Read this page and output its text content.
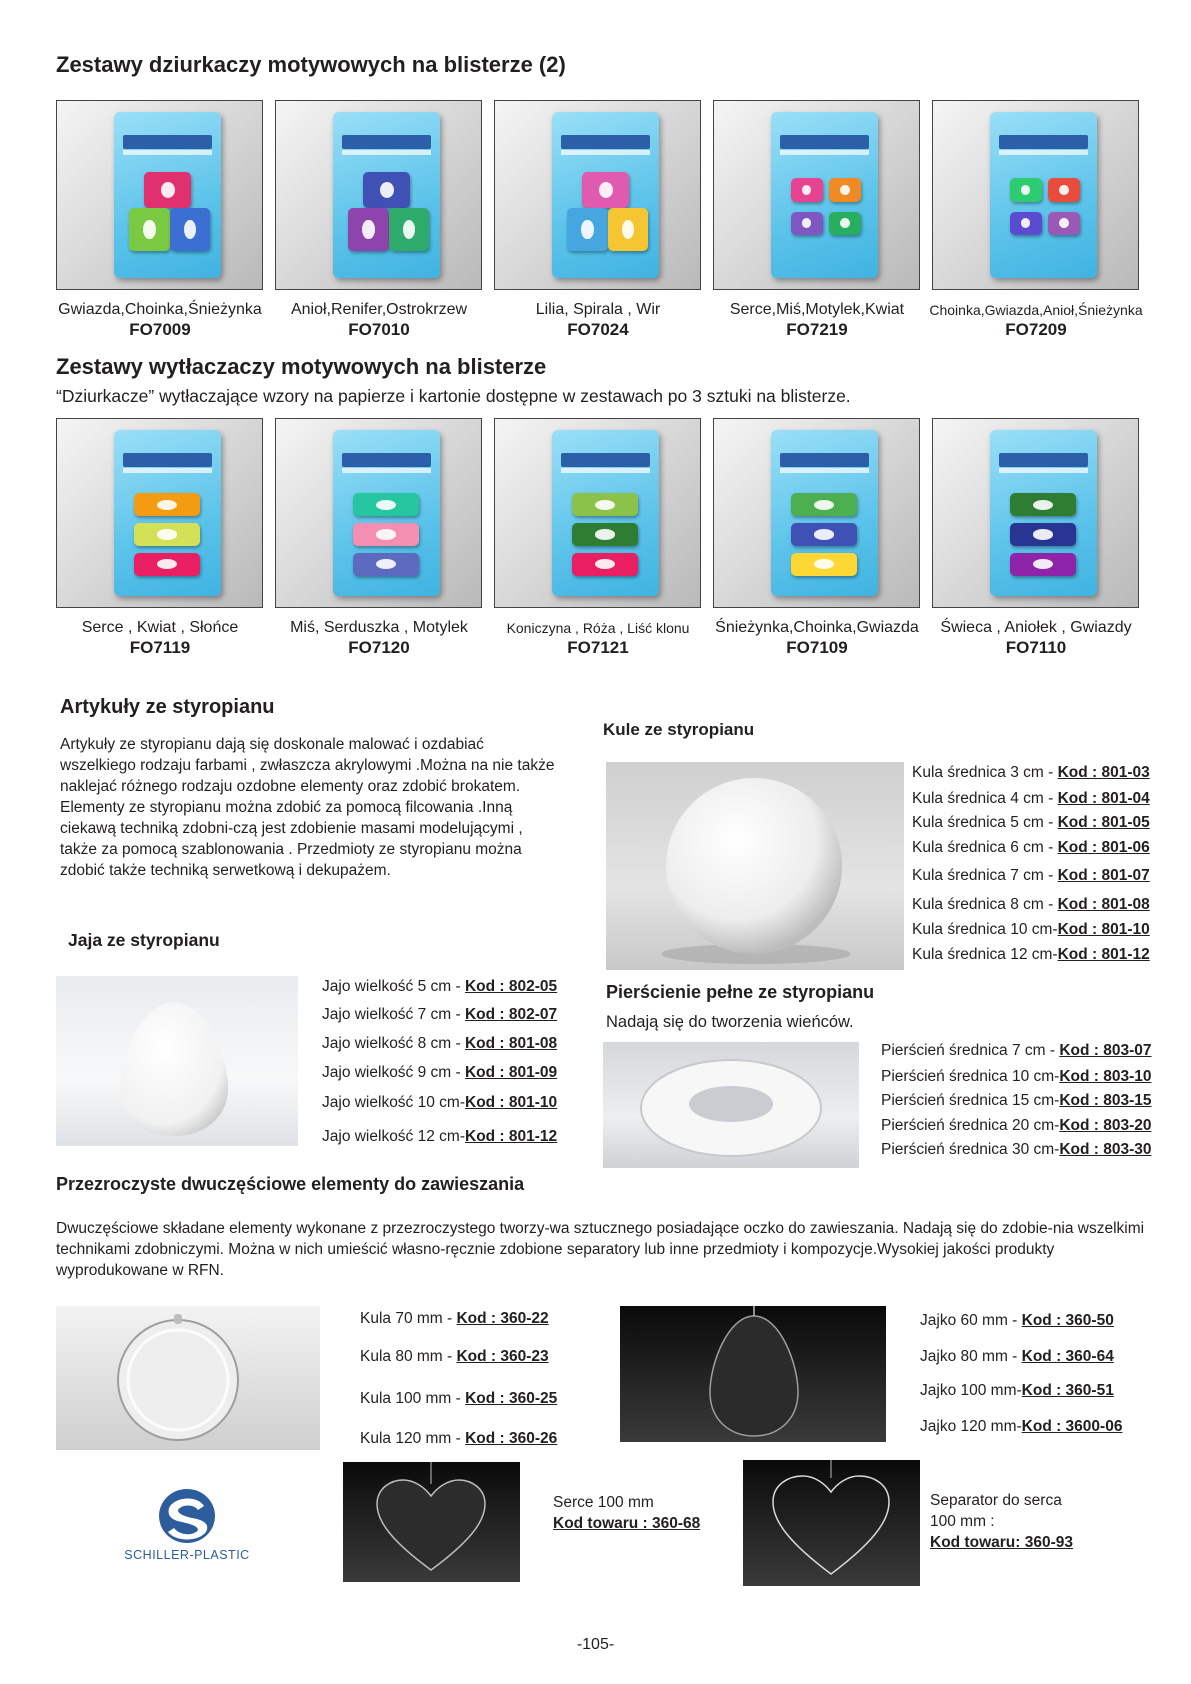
Zestawy dziurkaczy motywowych na blisterze (2)
Gwiazda,Choinka,Śnieżynka
FO7009
Anioł,Renifer,Ostrokrzew
FO7010
Lilia, Spirala , Wir
FO7024
Serce,Miś,Motylek,Kwiat
FO7219
Choinka,Gwiazda,Anioł,Śnieżynka
FO7209
Zestawy wytłaczaczy motywowych na blisterze
“Dziurkacze” wytłaczające wzory na papierze i kartonie dostępne w zestawach po 3 sztuki na blisterze.
Serce , Kwiat , Słońce
FO7119
Miś, Serduszka , Motylek
FO7120
Koniczyna , Róża , Liść klonu
FO7121
Śnieżynka,Choinka,Gwiazda
FO7109
Świeca , Aniołek , Gwiazdy
FO7110
Artykuły ze styropianu
Artykuły ze styropianu dają się doskonale malować i ozdabiać wszelkiego rodzaju farbami , zwłaszcza akrylowymi .Można na nie także naklejać różnego rodzaju ozdobne elementy oraz zdobić brokatem. Elementy ze styropianu można zdobić za pomocą filcowania .Inną ciekawą techniką zdobni-czą jest zdobienie masami modelującymi , także za pomocą szablonowania . Przedmioty ze styropianu można zdobić także techniką serwetkową i dekupażem.
Kule ze styropianu
Kula średnica 3 cm - Kod : 801-03
Kula średnica 4 cm - Kod : 801-04
Kula średnica 5 cm - Kod : 801-05
Kula średnica 6 cm - Kod : 801-06
Kula średnica 7 cm - Kod : 801-07
Kula średnica 8 cm - Kod : 801-08
Kula średnica 10 cm-Kod : 801-10
Kula średnica 12 cm-Kod : 801-12
Jaja ze styropianu
Jajo wielkość 5 cm - Kod : 802-05
Jajo wielkość 7 cm - Kod : 802-07
Jajo wielkość 8 cm - Kod : 801-08
Jajo wielkość 9 cm - Kod : 801-09
Jajo wielkość 10 cm-Kod : 801-10
Jajo wielkość 12 cm-Kod : 801-12
Pierścienie pełne ze styropianu
Nadają się do tworzenia wieńców.
Pierścień średnica 7 cm - Kod : 803-07
Pierścień średnica 10 cm-Kod : 803-10
Pierścień średnica 15 cm-Kod : 803-15
Pierścień średnica 20 cm-Kod : 803-20
Pierścień średnica 30 cm-Kod : 803-30
Przezroczyste dwuczęściowe elementy do zawieszania
Dwuczęściowe składane elementy wykonane z przezroczystego tworzy-wa sztucznego posiadające oczko do zawieszania. Nadają się do zdobie-nia wszelkimi technikami zdobniczymi. Można w nich umieścić własno-ręcznie zdobione separatory lub inne przedmioty i kompozycje.Wysokiej jakości produkty wyprodukowane w RFN.
Kula 70 mm - Kod : 360-22
Kula 80 mm - Kod : 360-23
Kula 100 mm - Kod : 360-25
Kula 120 mm - Kod : 360-26
Jajko 60 mm - Kod : 360-50
Jajko 80 mm - Kod : 360-64
Jajko 100 mm-Kod : 360-51
Jajko 120 mm-Kod : 3600-06
SCHILLER-PLASTIC
Serce 100 mm
Kod towaru : 360-68
Separator do serca
100 mm :
Kod towaru: 360-93
-105-
